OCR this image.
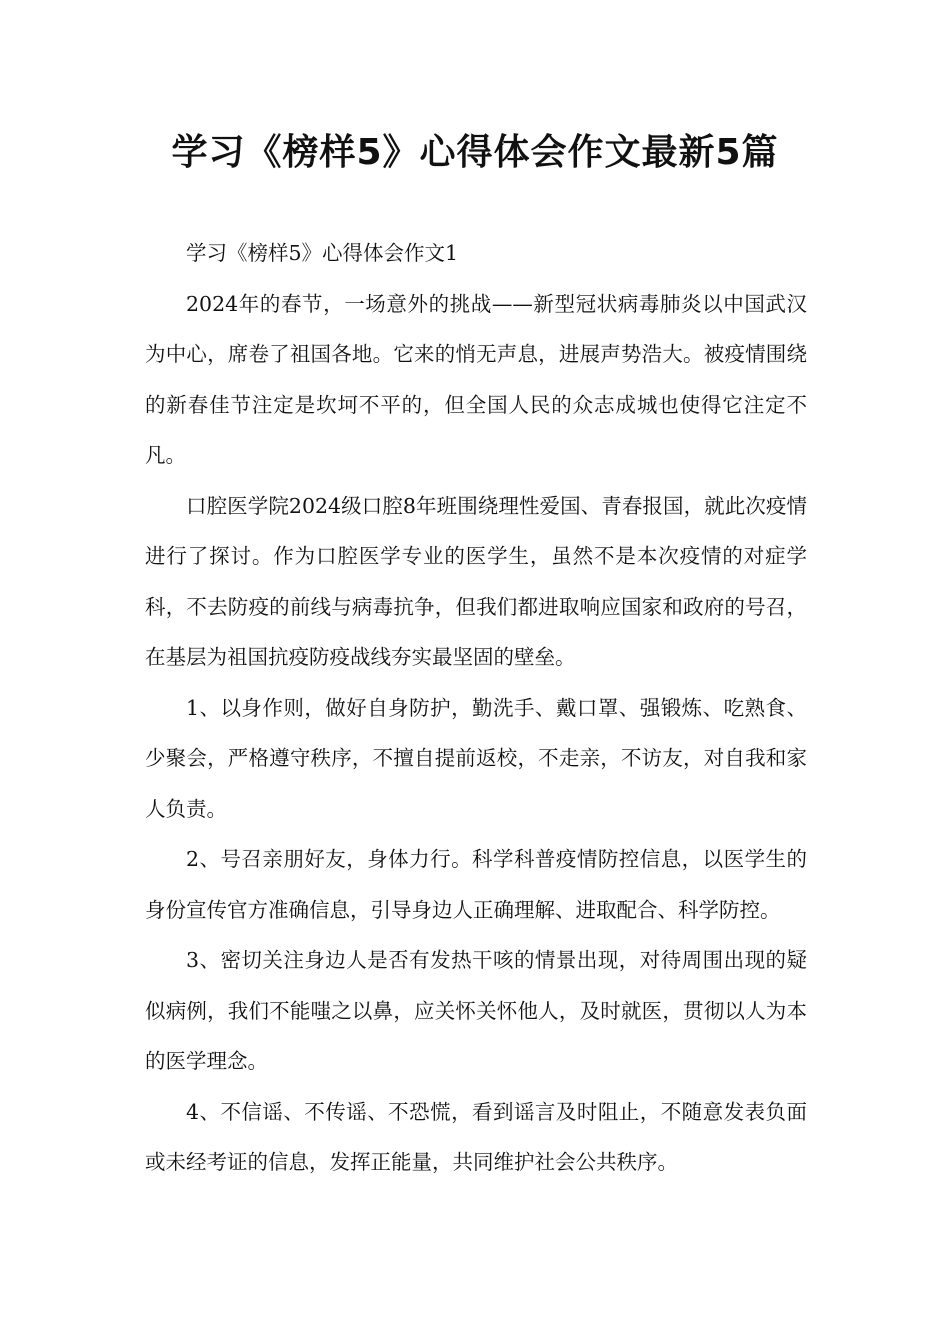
学习《榜样5》心得体会作文最新5篇

学习《榜样5》心得体会作文1

2024年的春节，一场意外的挑战——新型冠状病毒肺炎以中国武汉为中心，席卷了祖国各地。它来的悄无声息，进展声势浩大。被疫情围绕的新春佳节注定是坎坷不平的，但全国人民的众志成城也使得它注定不凡。

口腔医学院2024级口腔8年班围绕理性爱国、青春报国，就此次疫情进行了探讨。作为口腔医学专业的医学生，虽然不是本次疫情的对症学科，不去防疫的前线与病毒抗争，但我们都进取响应国家和政府的号召，在基层为祖国抗疫防疫战线夯实最坚固的壁垒。

1、以身作则，做好自身防护，勤洗手、戴口罩、强锻炼、吃熟食、少聚会，严格遵守秩序，不擅自提前返校，不走亲，不访友，对自我和家人负责。

2、号召亲朋好友，身体力行。科学科普疫情防控信息，以医学生的身份宣传官方准确信息，引导身边人正确理解、进取配合、科学防控。

3、密切关注身边人是否有发热干咳的情景出现，对待周围出现的疑似病例，我们不能嗤之以鼻，应关怀关怀他人，及时就医，贯彻以人为本的医学理念。

4、不信谣、不传谣、不恐慌，看到谣言及时阻止，不随意发表负面或未经考证的信息，发挥正能量，共同维护社会公共秩序。
